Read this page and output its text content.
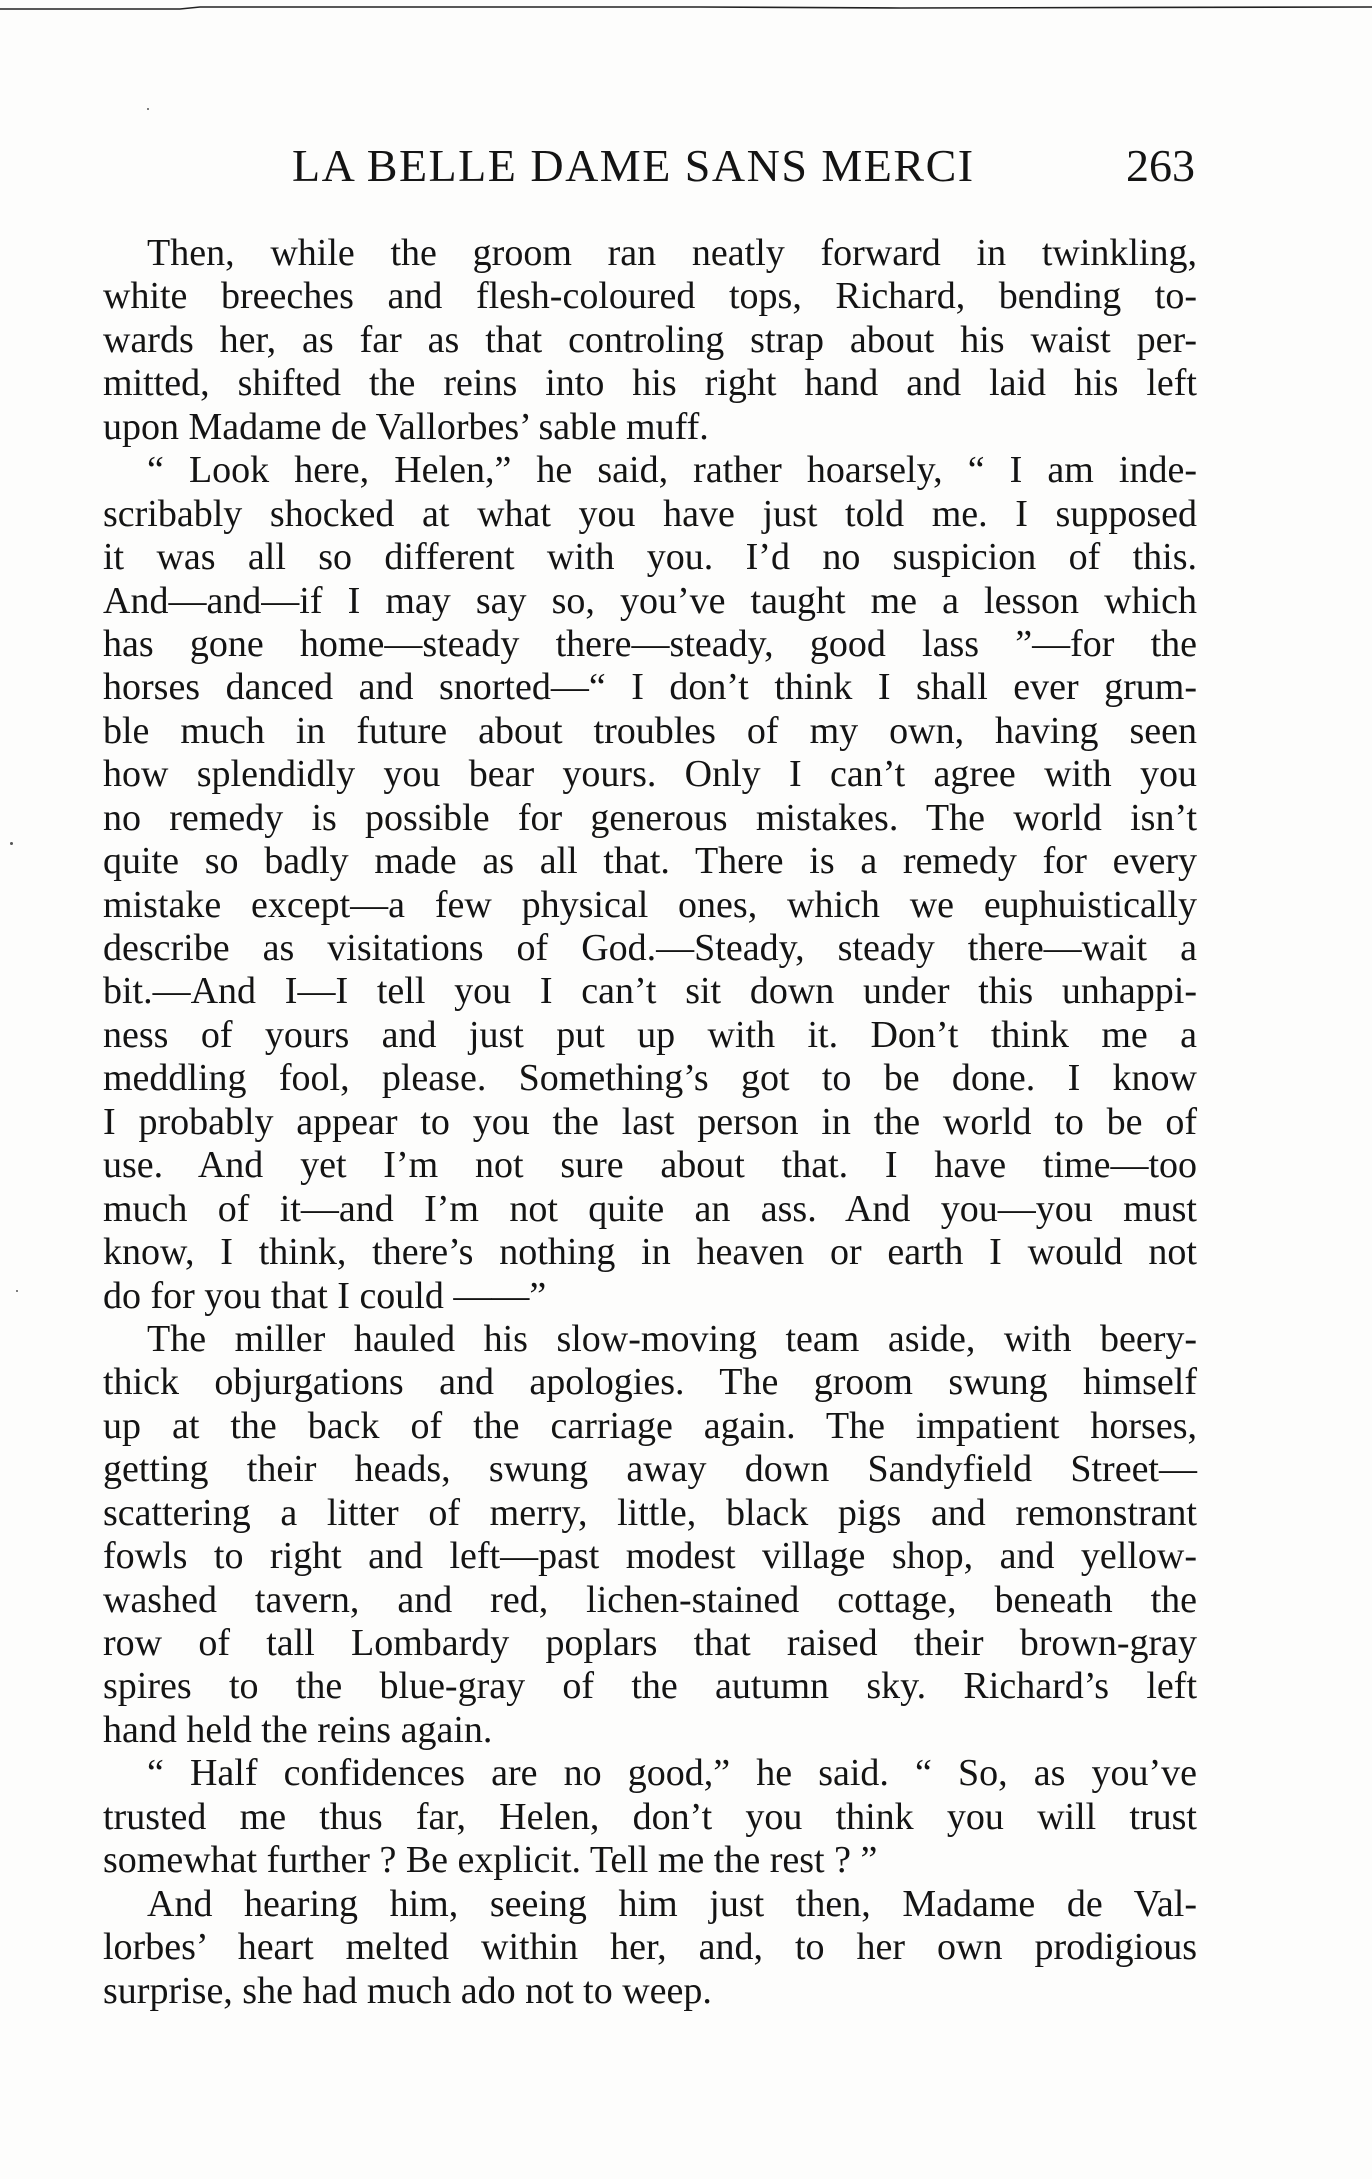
LA BELLE DAME SANS MERCI	263
Then, while the groom ran neatly forward in twinkling,
white breeches and flesh-coloured tops, Richard, bending to-
wards her, as far as that controling strap about his waist per-
mitted, shifted the reins into his right hand and laid his left
upon Madame de Vallorbes’ sable muff.
“ Look here, Helen,” he said, rather hoarsely, “ I am inde-
scribably shocked at what you have just told me. I supposed
it was all so different with you. I’d no suspicion of this.
And—and—if I may say so, you’ve taught me a lesson which
has gone home—steady there—steady, good lass ”—for the
horses danced and snorted—“ I don’t think I shall ever grum-
ble much in future about troubles of my own, having seen
how splendidly you bear yours. Only I can’t agree with you
no remedy is possible for generous mistakes. The world isn’t
quite so badly made as all that. There is a remedy for every
mistake except—a few physical ones, which we euphuistically
describe as visitations of God.—Steady, steady there—wait a
bit.—And I—I tell you I can’t sit down under this unhappi-
ness of yours and just put up with it. Don’t think me a
meddling fool, please. Something’s got to be done. I know
I probably appear to you the last person in the world to be of
use. And yet I’m not sure about that. I have time—too
much of it—and I’m not quite an ass. And you—you must
know, I think, there’s nothing in heaven or earth I would not
do for you that I could ——”
The miller hauled his slow-moving team aside, with beery-
thick objurgations and apologies. The groom swung himself
up at the back of the carriage again. The impatient horses,
getting their heads, swung away down Sandyfield Street—
scattering a litter of merry, little, black pigs and remonstrant
fowls to right and left—past modest village shop, and yellow-
washed tavern, and red, lichen-stained cottage, beneath the
row of tall Lombardy poplars that raised their brown-gray
spires to the blue-gray of the autumn sky. Richard’s left
hand held the reins again.
“ Half confidences are no good,” he said. “ So, as you’ve
trusted me thus far, Helen, don’t you think you will trust
somewhat further ? Be explicit. Tell me the rest ? ”
And hearing him, seeing him just then, Madame de Val-
lorbes’ heart melted within her, and, to her own prodigious
surprise, she had much ado not to weep.
